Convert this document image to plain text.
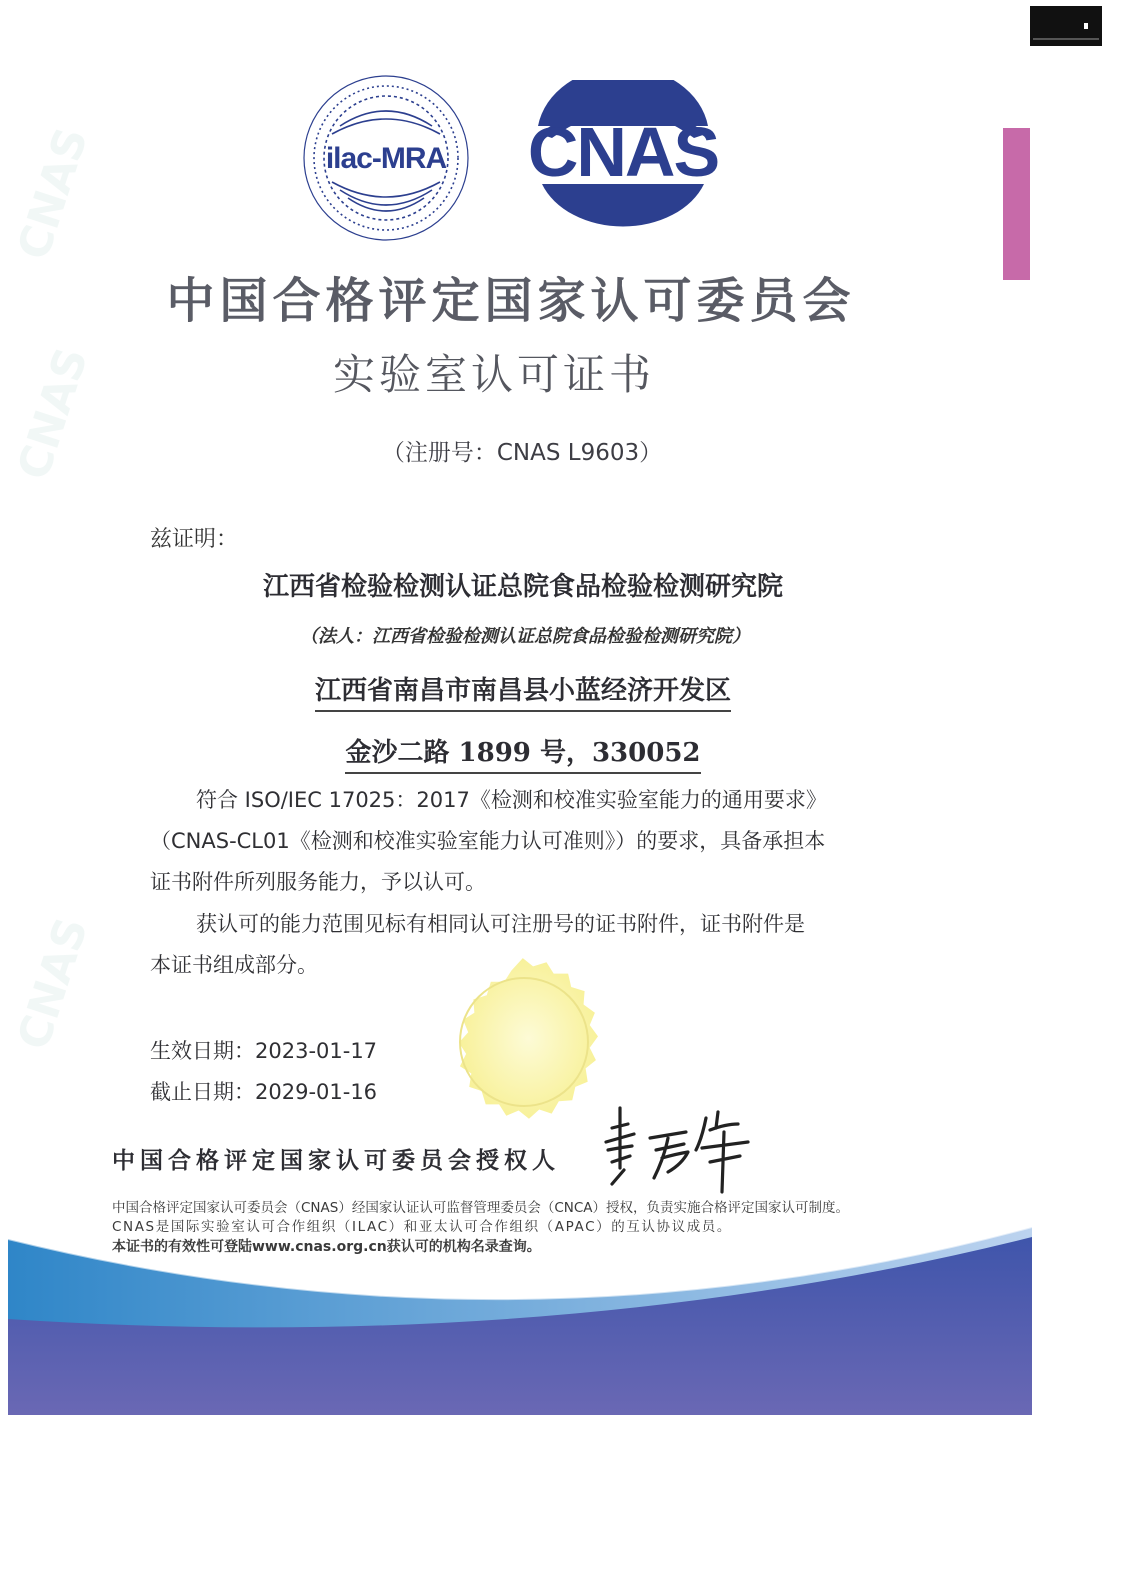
CNAS
CNAS
CNAS
ilac-MRA CNAS
中国合格评定国家认可委员会
实验室认可证书
（注册号：CNAS L9603）
兹证明：
江西省检验检测认证总院食品检验检测研究院
（法人：江西省检验检测认证总院食品检验检测研究院）
江西省南昌市南昌县小蓝经济开发区
金沙二路 1899 号，330052

符合 ISO/IEC 17025：2017《检测和校准实验室能力的通用要求》

（CNAS-CL01《检测和校准实验室能力认可准则》）的要求，具备承担本

证书附件所列服务能力，予以认可。

获认可的能力范围见标有相同认可注册号的证书附件，证书附件是

本证书组成部分。

生效日期：2023-01-17
截止日期：2029-01-16
中国合格评定国家认可委员会授权人
中国合格评定国家认可委员会（CNAS）经国家认证认可监督管理委员会（CNCA）授权，负责实施合格评定国家认可制度。
CNAS是国际实验室认可合作组织（ILAC）和亚太认可合作组织（APAC）的互认协议成员。
本证书的有效性可登陆www.cnas.org.cn获认可的机构名录查询。
